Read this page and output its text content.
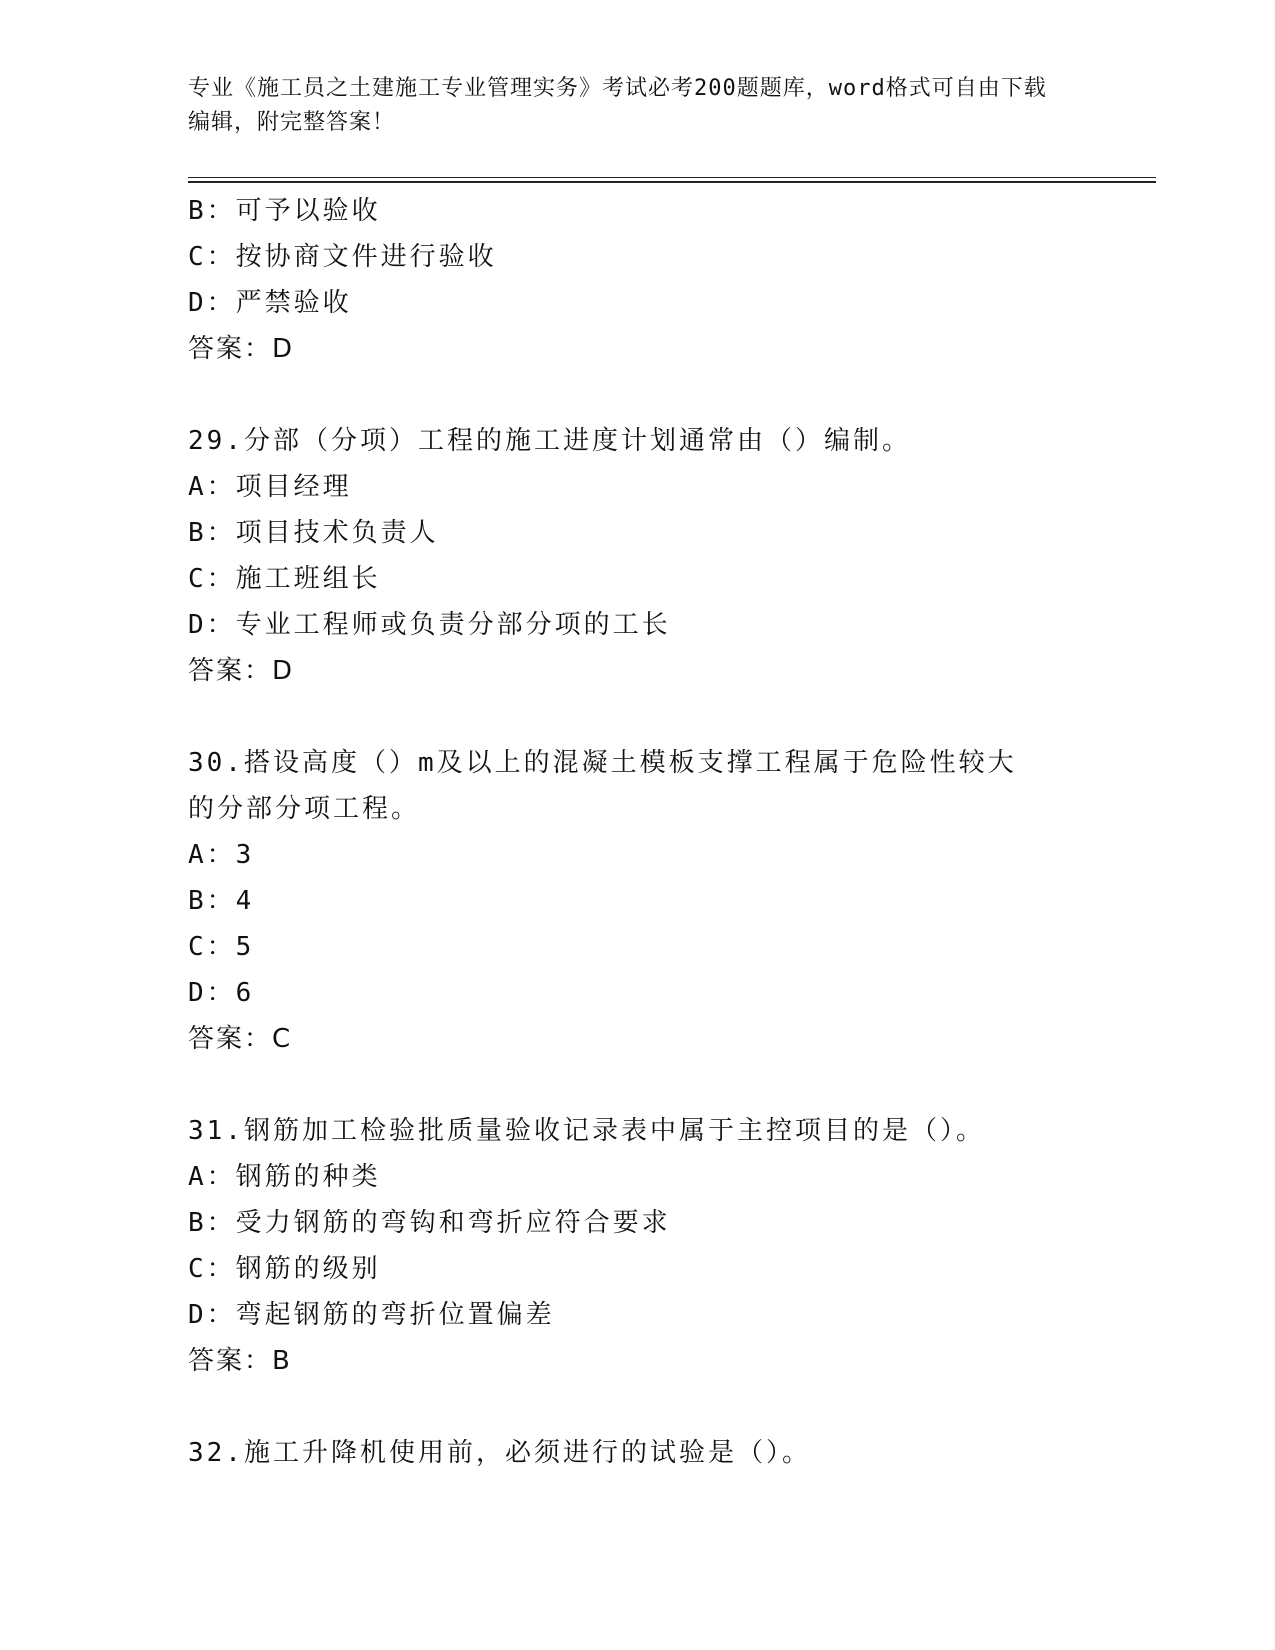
专业《施工员之土建施工专业管理实务》考试必考200题题库，word格式可自由下载编辑，附完整答案！
B：可予以验收
C：按协商文件进行验收
D：严禁验收
答案：D
29.分部（分项）工程的施工进度计划通常由（）编制。
A：项目经理
B：项目技术负责人
C：施工班组长
D：专业工程师或负责分部分项的工长
答案：D
30.搭设高度（）m及以上的混凝土模板支撑工程属于危险性较大的分部分项工程。
A：3
B：4
C：5
D：6
答案：C
31.钢筋加工检验批质量验收记录表中属于主控项目的是（）。
A：钢筋的种类
B：受力钢筋的弯钩和弯折应符合要求
C：钢筋的级别
D：弯起钢筋的弯折位置偏差
答案：B
32.施工升降机使用前，必须进行的试验是（）。
